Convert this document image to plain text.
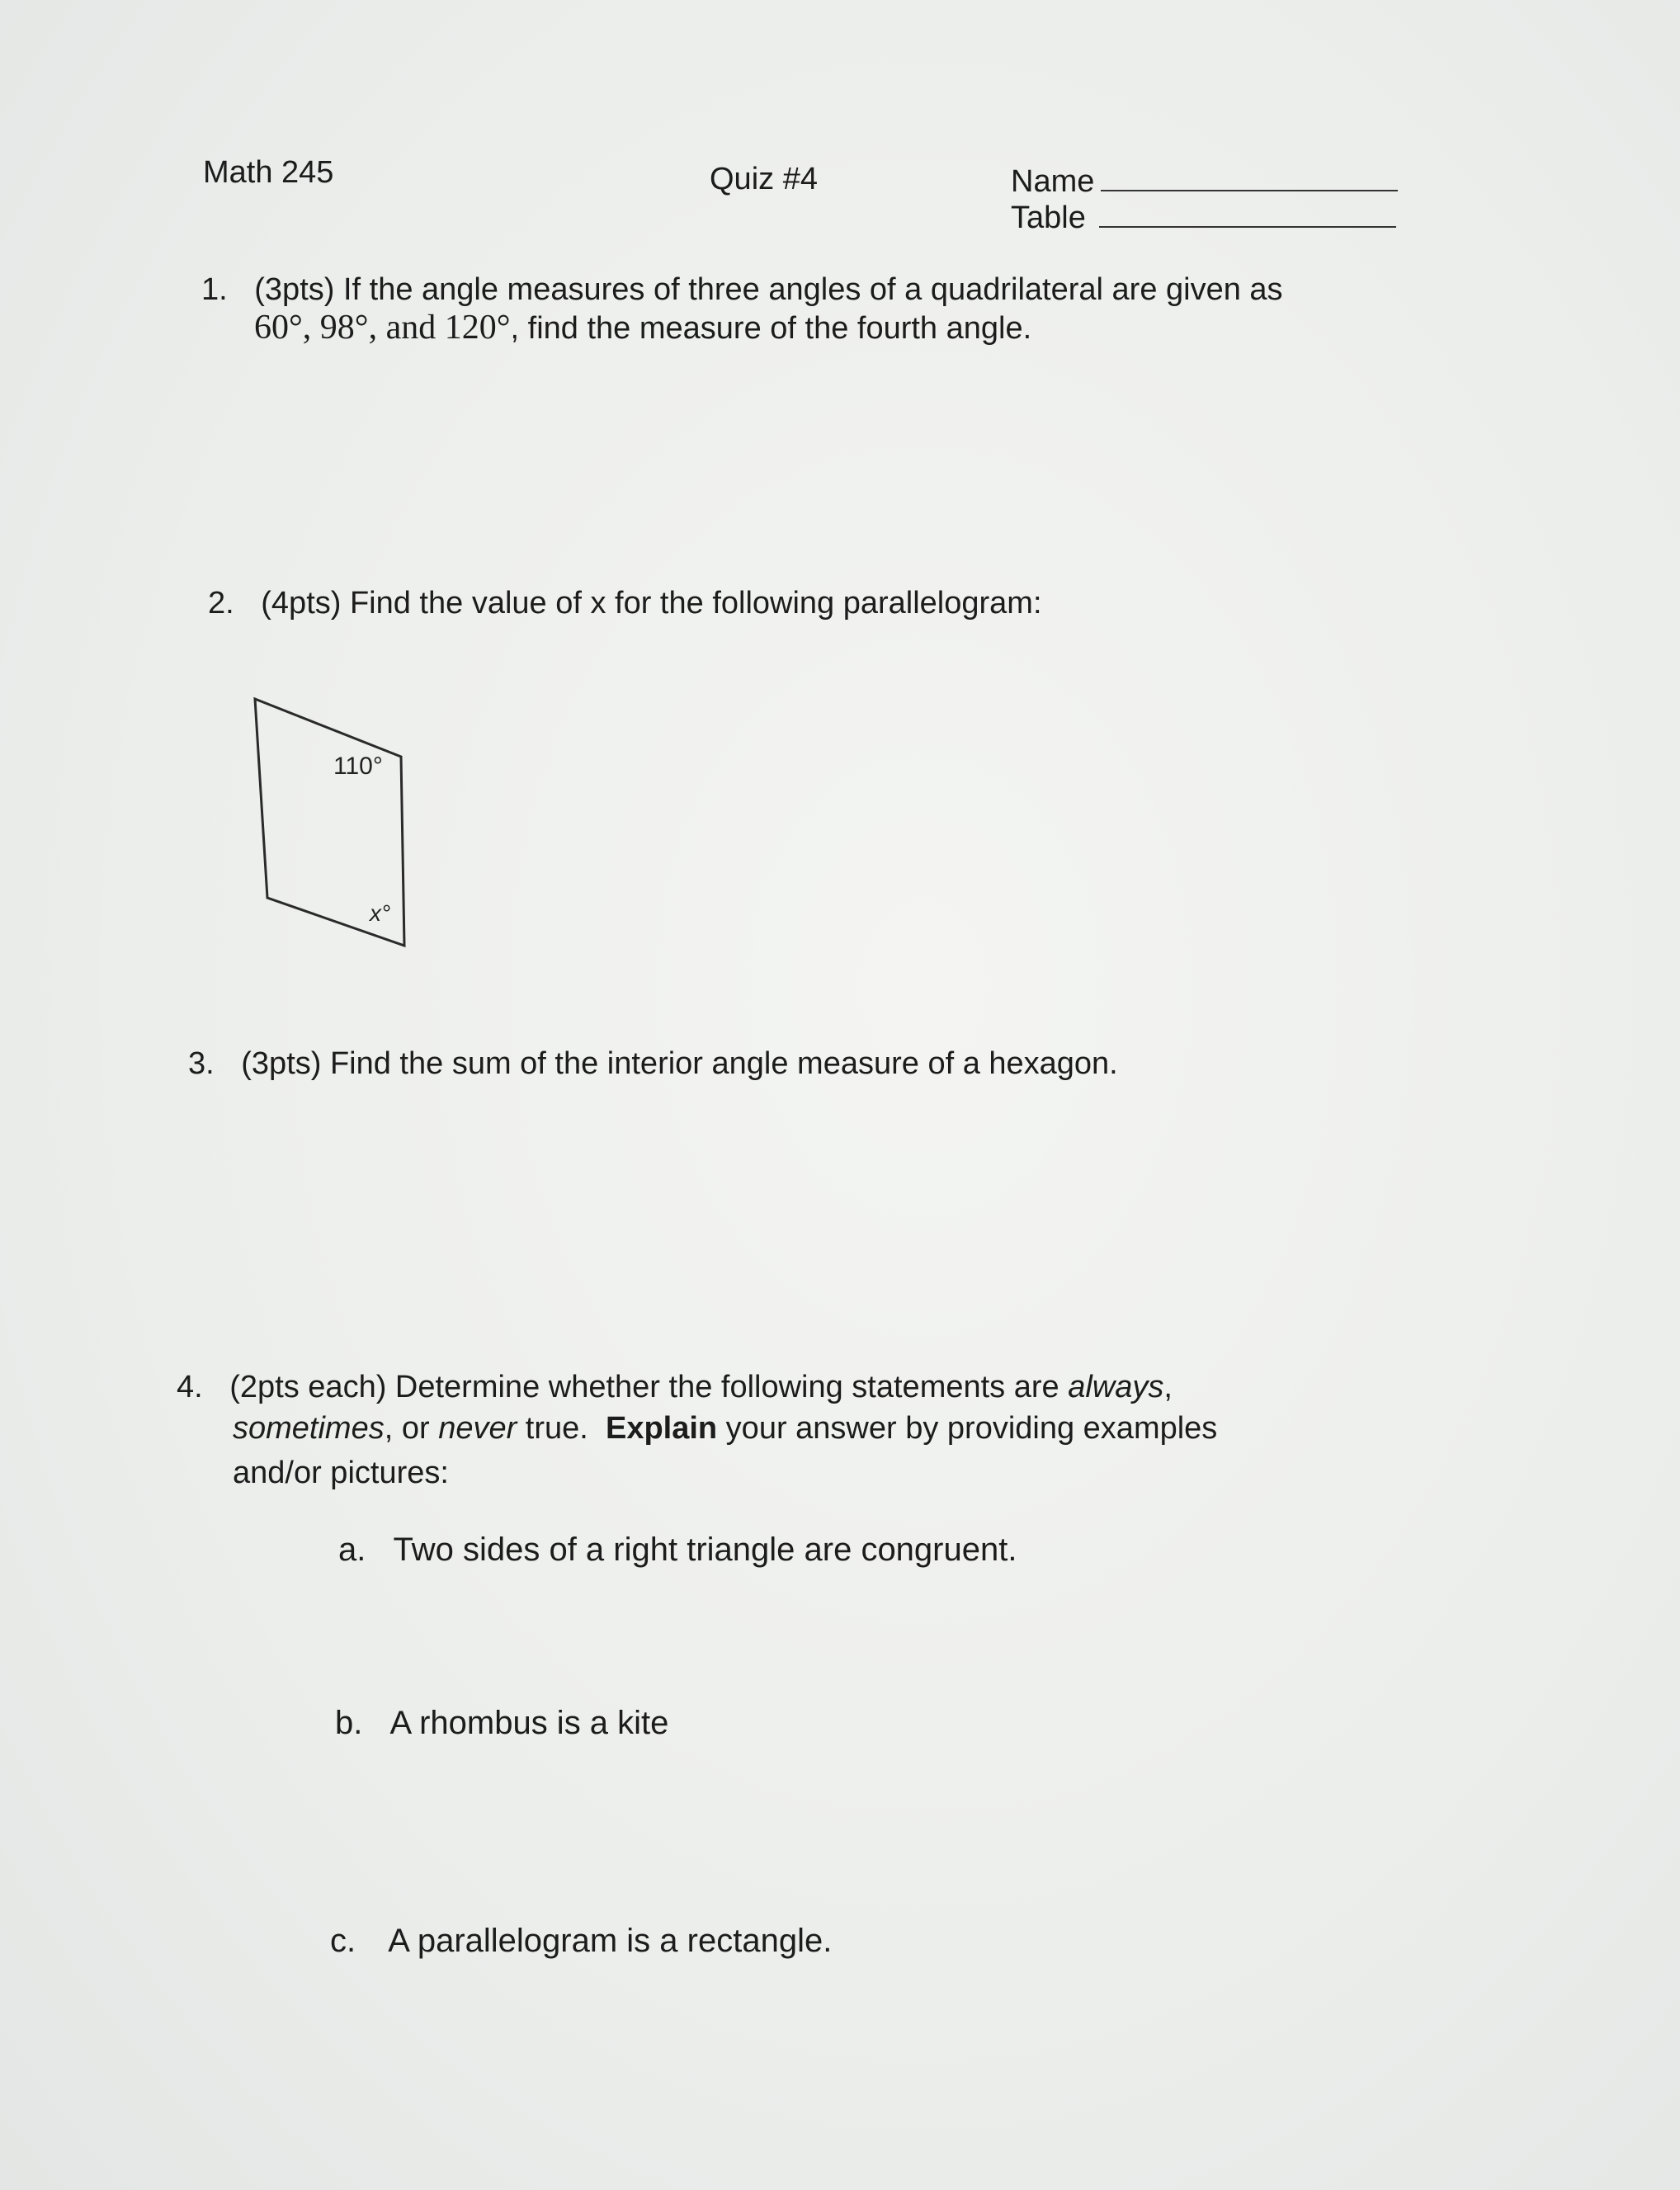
Math 245	Quiz #4	Name
Table
1. (3pts) If the angle measures of three angles of a quadrilateral are given as
60°, 98°, and 120°, find the measure of the fourth angle.
2. (4pts) Find the value of x for the following parallelogram:
110°
x°
3. (3pts) Find the sum of the interior angle measure of a hexagon.
4. (2pts each) Determine whether the following statements are always,
sometimes, or never true.  Explain your answer by providing examples
and/or pictures:
a. Two sides of a right triangle are congruent.
b. A rhombus is a kite
c. A parallelogram is a rectangle.
